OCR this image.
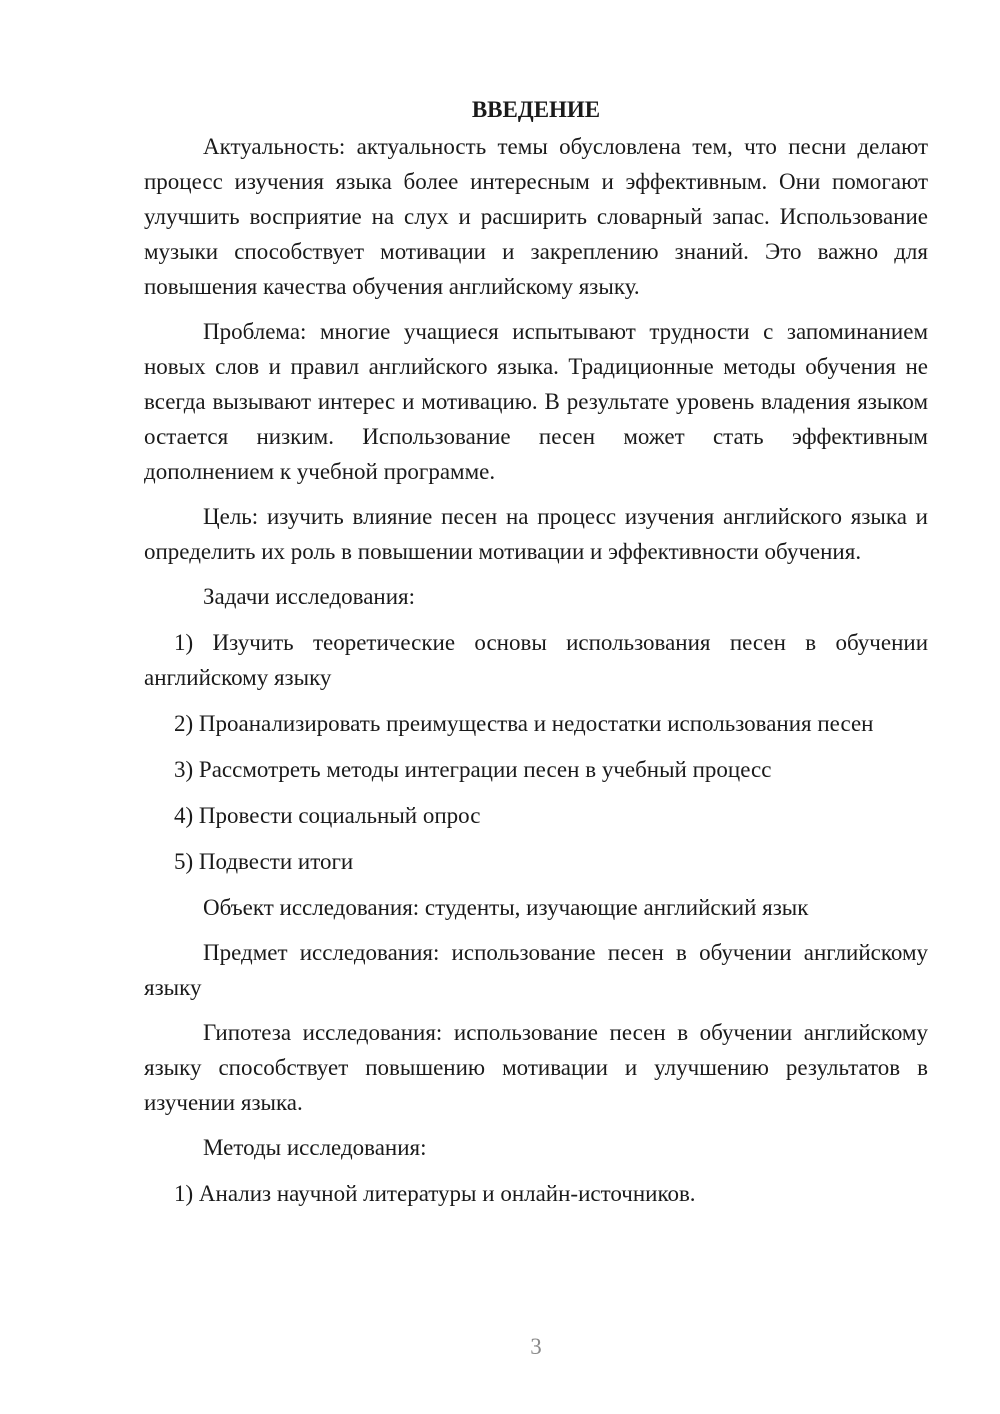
ВВЕДЕНИЕ

Актуальность: актуальность темы обусловлена тем, что песни делают процесс изучения языка более интересным и эффективным. Они помогают улучшить восприятие на слух и расширить словарный запас. Использование музыки способствует мотивации и закреплению знаний. Это важно для повышения качества обучения английскому языку.

Проблема: многие учащиеся испытывают трудности с запоминанием новых слов и правил английского языка. Традиционные методы обучения не всегда вызывают интерес и мотивацию. В результате уровень владения языком остается низким. Использование песен может стать эффективным дополнением к учебной программе.

Цель: изучить влияние песен на процесс изучения английского языка и определить их роль в повышении мотивации и эффективности обучения.

Задачи исследования:

1) Изучить теоретические основы использования песен в обучении английскому языку

2) Проанализировать преимущества и недостатки использования песен

3) Рассмотреть методы интеграции песен в учебный процесс

4) Провести социальный опрос

5) Подвести итоги

Объект исследования: студенты, изучающие английский язык

Предмет исследования: использование песен в обучении английскому языку

Гипотеза исследования: использование песен в обучении английскому языку способствует повышению мотивации и улучшению результатов в изучении языка.

Методы исследования:

1) Анализ научной литературы и онлайн-источников.

3
